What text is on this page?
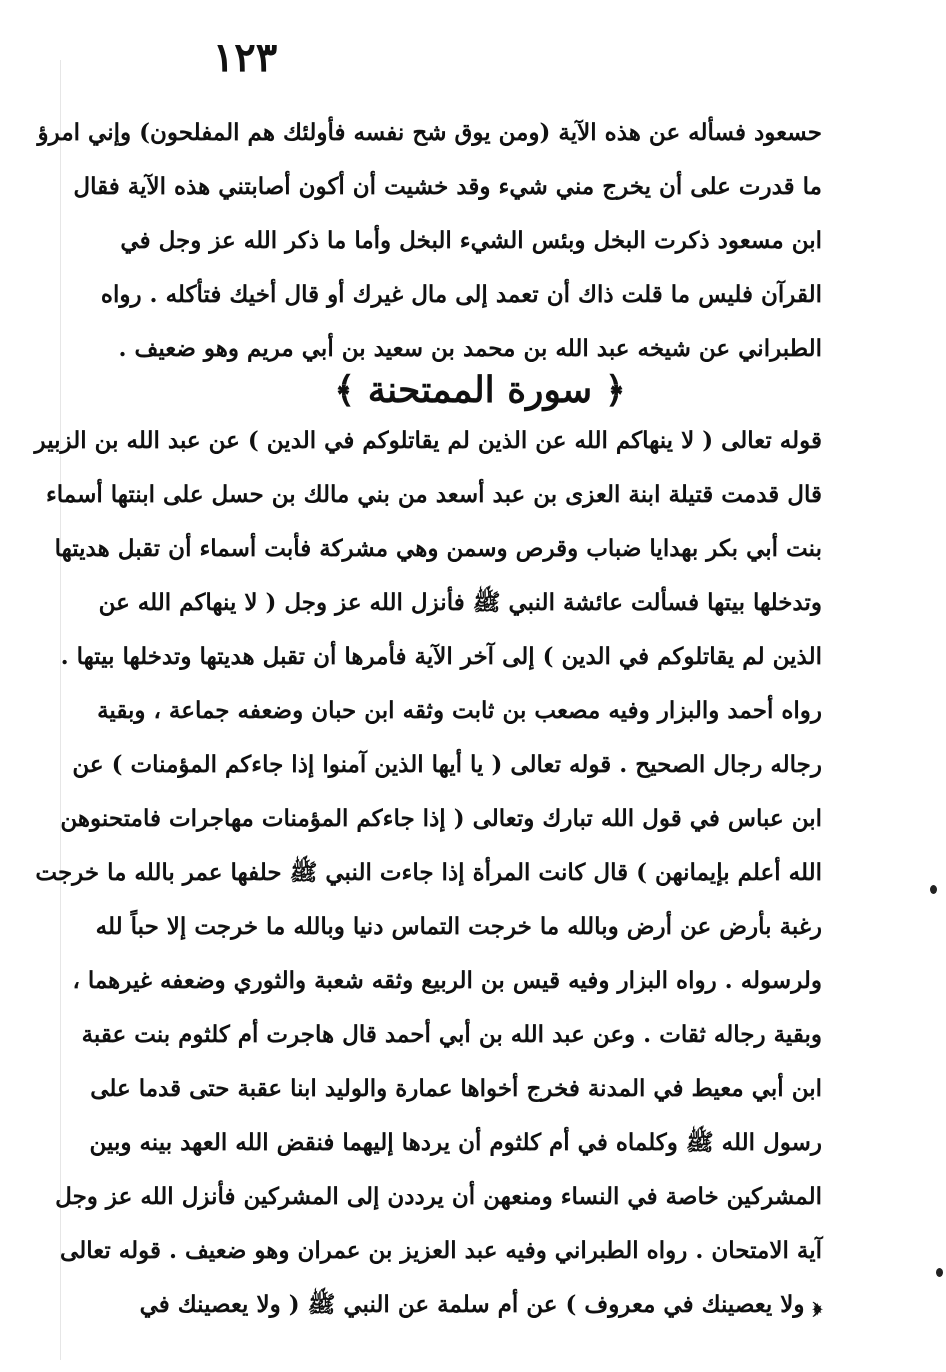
١٢٣
حسعود فسأله عن هذه الآية (ومن يوق شح نفسه فأولئك هم المفلحون) وإني امرؤ
ما قدرت على أن يخرج مني شيء وقد خشيت أن أكون أصابتني هذه الآية فقال
ابن مسعود ذكرت البخل وبئس الشيء البخل وأما ما ذكر الله عز وجل في
القرآن فليس ما قلت ذاك أن تعمد إلى مال غيرك أو قال أخيك فتأكله . رواه
الطبراني عن شيخه عبد الله بن محمد بن سعيد بن أبي مريم وهو ضعيف .
﴿ سورة الممتحنة ﴾
قوله تعالى ( لا ينهاكم الله عن الذين لم يقاتلوكم في الدين ) عن عبد الله بن الزبير
قال قدمت قتيلة ابنة العزى بن عبد أسعد من بني مالك بن حسل على ابنتها أسماء
بنت أبي بكر بهدايا ضباب وقرص وسمن وهي مشركة فأبت أسماء أن تقبل هديتها
وتدخلها بيتها فسألت عائشة النبي ﷺ فأنزل الله عز وجل ( لا ينهاكم الله عن
الذين لم يقاتلوكم في الدين ) إلى آخر الآية فأمرها أن تقبل هديتها وتدخلها بيتها .
رواه أحمد والبزار وفيه مصعب بن ثابت وثقه ابن حبان وضعفه جماعة ، وبقية
رجاله رجال الصحيح . قوله تعالى ( يا أيها الذين آمنوا إذا جاءكم المؤمنات ) عن
ابن عباس في قول الله تبارك وتعالى ( إذا جاءكم المؤمنات مهاجرات فامتحنوهن
الله أعلم بإيمانهن ) قال كانت المرأة إذا جاءت النبي ﷺ حلفها عمر بالله ما خرجت
رغبة بأرض عن أرض وبالله ما خرجت التماس دنيا وبالله ما خرجت إلا حباً لله
ولرسوله . رواه البزار وفيه قيس بن الربيع وثقه شعبة والثوري وضعفه غيرهما ،
وبقية رجاله ثقات . وعن عبد الله بن أبي أحمد قال هاجرت أم كلثوم بنت عقبة
ابن أبي معيط في المدنة فخرج أخواها عمارة والوليد ابنا عقبة حتى قدما على
رسول الله ﷺ وكلماه في أم كلثوم أن يردها إليهما فنقض الله العهد بينه وبين
المشركين خاصة في النساء ومنعهن أن يرددن إلى المشركين فأنزل الله عز وجل
آية الامتحان . رواه الطبراني وفيه عبد العزيز بن عمران وهو ضعيف . قوله تعالى
﴿ ولا يعصينك في معروف ) عن أم سلمة عن النبي ﷺ ( ولا يعصينك في
